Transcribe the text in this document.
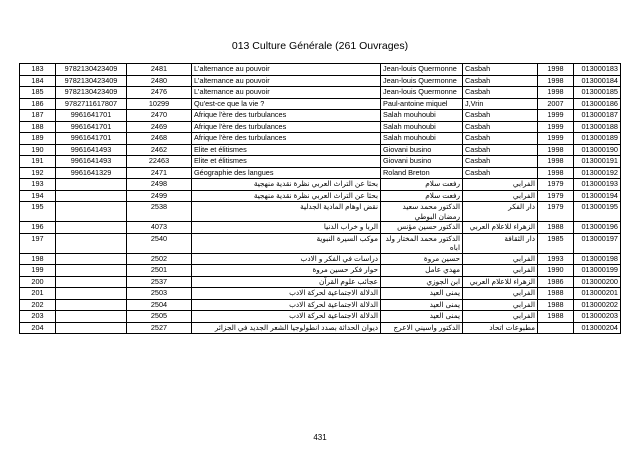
013 Culture Générale (261 Ouvrages)
183	9782130423409	2481	L'alternance au pouvoir	Jean-louis Quermonne	Casbah	1998	013000183
184	9782130423409	2480	L'alternance au pouvoir	Jean-louis Quermonne	Casbah	1998	013000184
185	9782130423409	2476	L'alternance au pouvoir	Jean-louis Quermonne	Casbah	1998	013000185
186	9782711617807	10299	Qu'est-ce que la vie ?	Paul-antoine miquel	J,Vrin	2007	013000186
187	9961641701	2470	Afrique l'ère des turbulances	Salah mouhoubi	Casbah	1999	013000187
188	9961641701	2469	Afrique l'ère des turbulances	Salah mouhoubi	Casbah	1999	013000188
189	9961641701	2468	Afrique l'ère des turbulances	Salah mouhoubi	Casbah	1999	013000189
190	9961641493	2462	Elite et élitismes	Giovani busino	Casbah	1998	013000190
191	9961641493	22463	Elite et élitismes	Giovani busino	Casbah	1998	013000191
192	9961641329	2471	Géographie des langues	Roland Breton	Casbah	1998	013000192
193		2498	بحثا عن التراث العربي نظرة نقدية منهجية	رفعت سلام	الفرابي	1979	013000193
194		2499	بحثا عن التراث العربي نظرة نقدية منهجية	رفعت سلام	الفرابي	1979	013000194
195		2538	نقض اوهام المادية الجدلية	الدكتور محمد سعيد رمضان البوطي	دار الفكر	1979	013000195
196		4073	الربا و خراب الدنيا	الدكتور حسين مؤنس	الزهراء للاعلام العربي	1988	013000196
197		2540	موكب السيرة النبوية	الدكتور محمد المختار ولد اباه	دار الثقافة	1985	013000197
198		2502	دراسات في الفكر و الادب	حسين مروة	الفرابي	1993	013000198
199		2501	حوار فكر حسين مروة	مهدي عامل	الفرابي	1990	013000199
200		2537	عجائب علوم القرآن	ابن الجوزي	الزهراء للاعلام العربي	1986	013000200
201		2503	الدلالة الاجتماعية لحركة الادب	يمنى العيد	الفرابي	1988	013000201
202		2504	الدلالة الاجتماعية لحركة الادب	يمنى العيد	الفرابي	1988	013000202
203		2505	الدلالة الاجتماعية لحركة الادب	يمنى العيد	الفرابي	1988	013000203
204		2527	ديوان الحداثة بصدد انطولوجيا الشعر الجديد في الجزائر	الدكتور واسيني الاعرج	مطبوعات اتحاد		013000204
431
